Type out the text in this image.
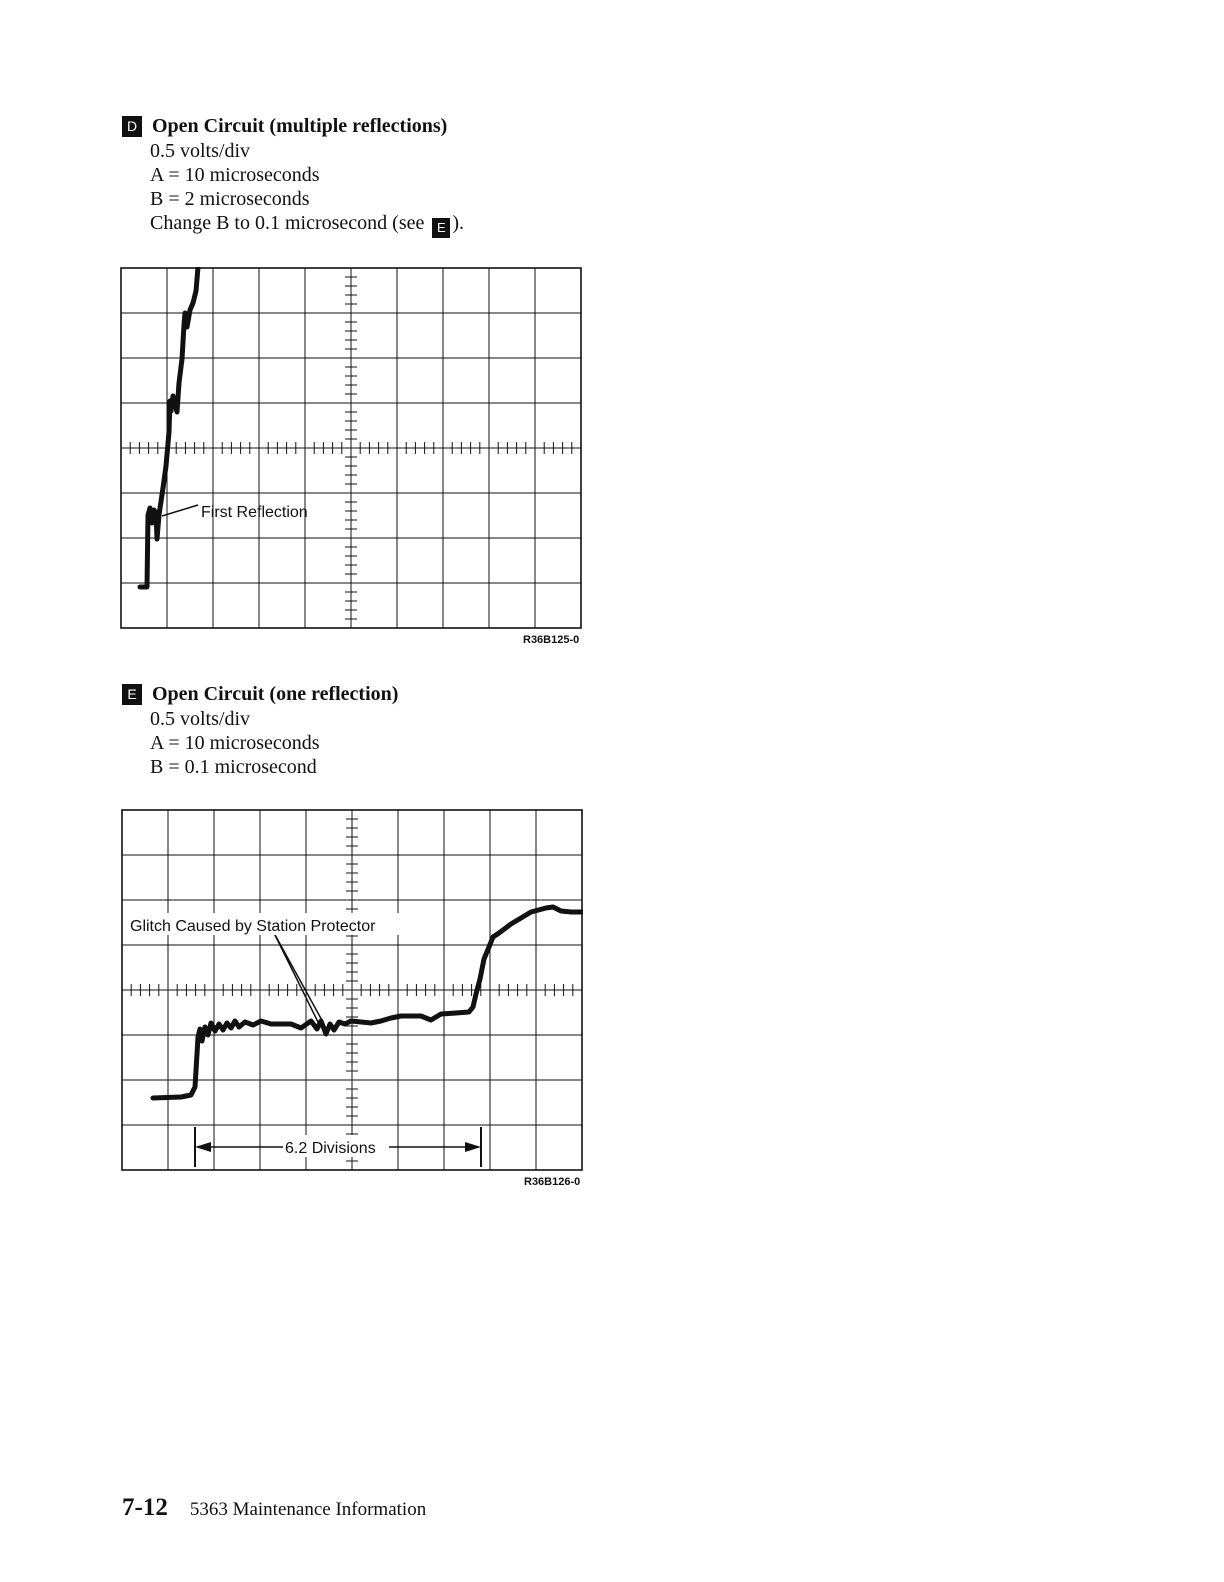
D Open Circuit (multiple reflections)
0.5 volts/div
A = 10 microseconds
B = 2 microseconds
Change B to 0.1 microsecond (see E ).
First Reflection
R36B125-0
E Open Circuit (one reflection)
0.5 volts/div
A = 10 microseconds
B = 0.1 microsecond
Glitch Caused by Station Protector
6.2 Divisions
R36B126-0
7-12 5363 Maintenance Information
